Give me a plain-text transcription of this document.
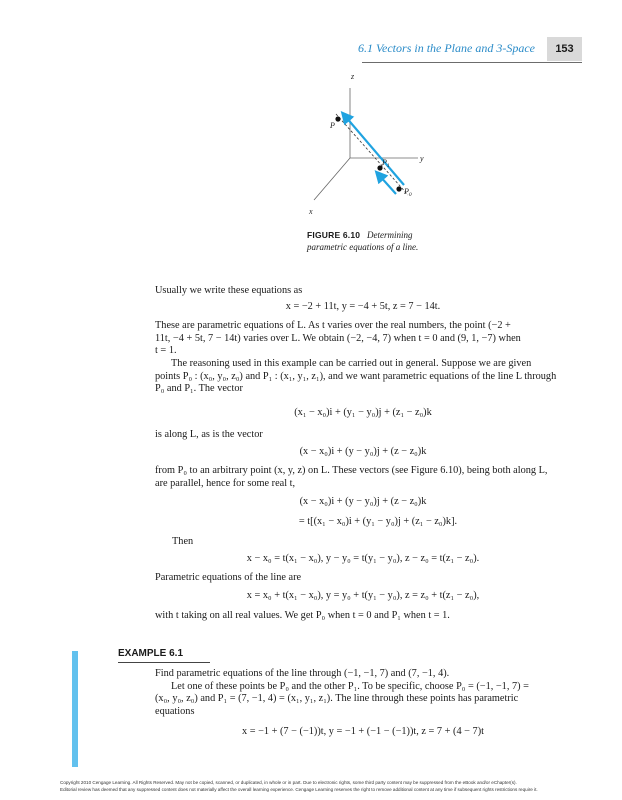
6.1 Vectors in the Plane and 3-Space	153
z
y
x
P
$P_1$
$P_0$
FIGURE 6.10 Determining
parametric equations of a line.
Usually we write these equations as
x = −2 + 11t, y = −4 + 5t, z = 7 − 14t.
These are parametric equations of L. As t varies over the real numbers, the point (−2 +
11t, −4 + 5t, 7 − 14t) varies over L. We obtain (−2, −4, 7) when t = 0 and (9, 1, −7) when
t = 1.
The reasoning used in this example can be carried out in general. Suppose we are given
points P₀ : (x₀, y₀, z₀) and P₁ : (x₁, y₁, z₁), and we want parametric equations of the line L through
P₀ and P₁. The vector
(x₁ − x₀)i + (y₁ − y₀)j + (z₁ − z₀)k
is along L, as is the vector
(x − x₀)i + (y − y₀)j + (z − z₀)k
from P₀ to an arbitrary point (x, y, z) on L. These vectors (see Figure 6.10), being both along L,
are parallel, hence for some real t,
(x − x₀)i + (y − y₀)j + (z − z₀)k
= t[(x₁ − x₀)i + (y₁ − y₀)j + (z₁ − z₀)k].
Then
x − x₀ = t(x₁ − x₀), y − y₀ = t(y₁ − y₀), z − z₀ = t(z₁ − z₀).
Parametric equations of the line are
x = x₀ + t(x₁ − x₀), y = y₀ + t(y₁ − y₀), z = z₀ + t(z₁ − z₀),
with t taking on all real values. We get P₀ when t = 0 and P₁ when t = 1.
EXAMPLE 6.1
Find parametric equations of the line through (−1, −1, 7) and (7, −1, 4).
Let one of these points be P₀ and the other P₁. To be specific, choose P₀ = (−1, −1, 7) =
(x₀, y₀, z₀) and P₁ = (7, −1, 4) = (x₁, y₁, z₁). The line through these points has parametric
equations
x = −1 + (7 − (−1))t, y = −1 + (−1 − (−1))t, z = 7 + (4 − 7)t
Copyright 2010 Cengage Learning. All Rights Reserved. May not be copied, scanned, or duplicated, in whole or in part. Due to electronic rights, some third party content may be suppressed from the eBook and/or eChapter(s).
Editorial review has deemed that any suppressed content does not materially affect the overall learning experience. Cengage Learning reserves the right to remove additional content at any time if subsequent rights restrictions require it.
